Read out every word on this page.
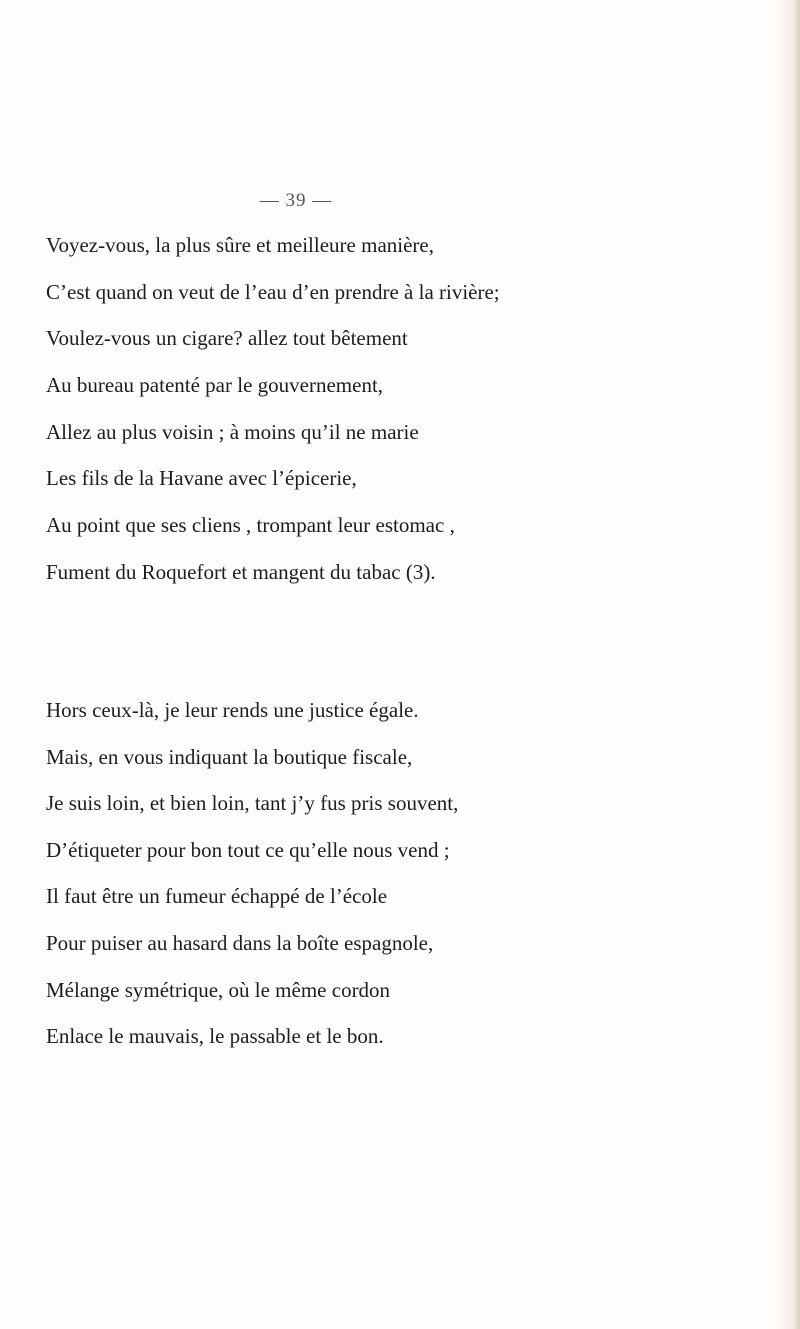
— 39 —
Voyez-vous, la plus sûre et meilleure manière,
C’est quand on veut de l’eau d’en prendre à la rivière;
Voulez-vous un cigare? allez tout bêtement
Au bureau patenté par le gouvernement,
Allez au plus voisin ; à moins qu’il ne marie
Les fils de la Havane avec l’épicerie,
Au point que ses cliens , trompant leur estomac ,
Fument du Roquefort et mangent du tabac (3).
Hors ceux-là, je leur rends une justice égale.
Mais, en vous indiquant la boutique fiscale,
Je suis loin, et bien loin, tant j’y fus pris souvent,
D’étiqueter pour bon tout ce qu’elle nous vend ;
Il faut être un fumeur échappé de l’école
Pour puiser au hasard dans la boîte espagnole,
Mélange symétrique, où le même cordon
Enlace le mauvais, le passable et le bon.
